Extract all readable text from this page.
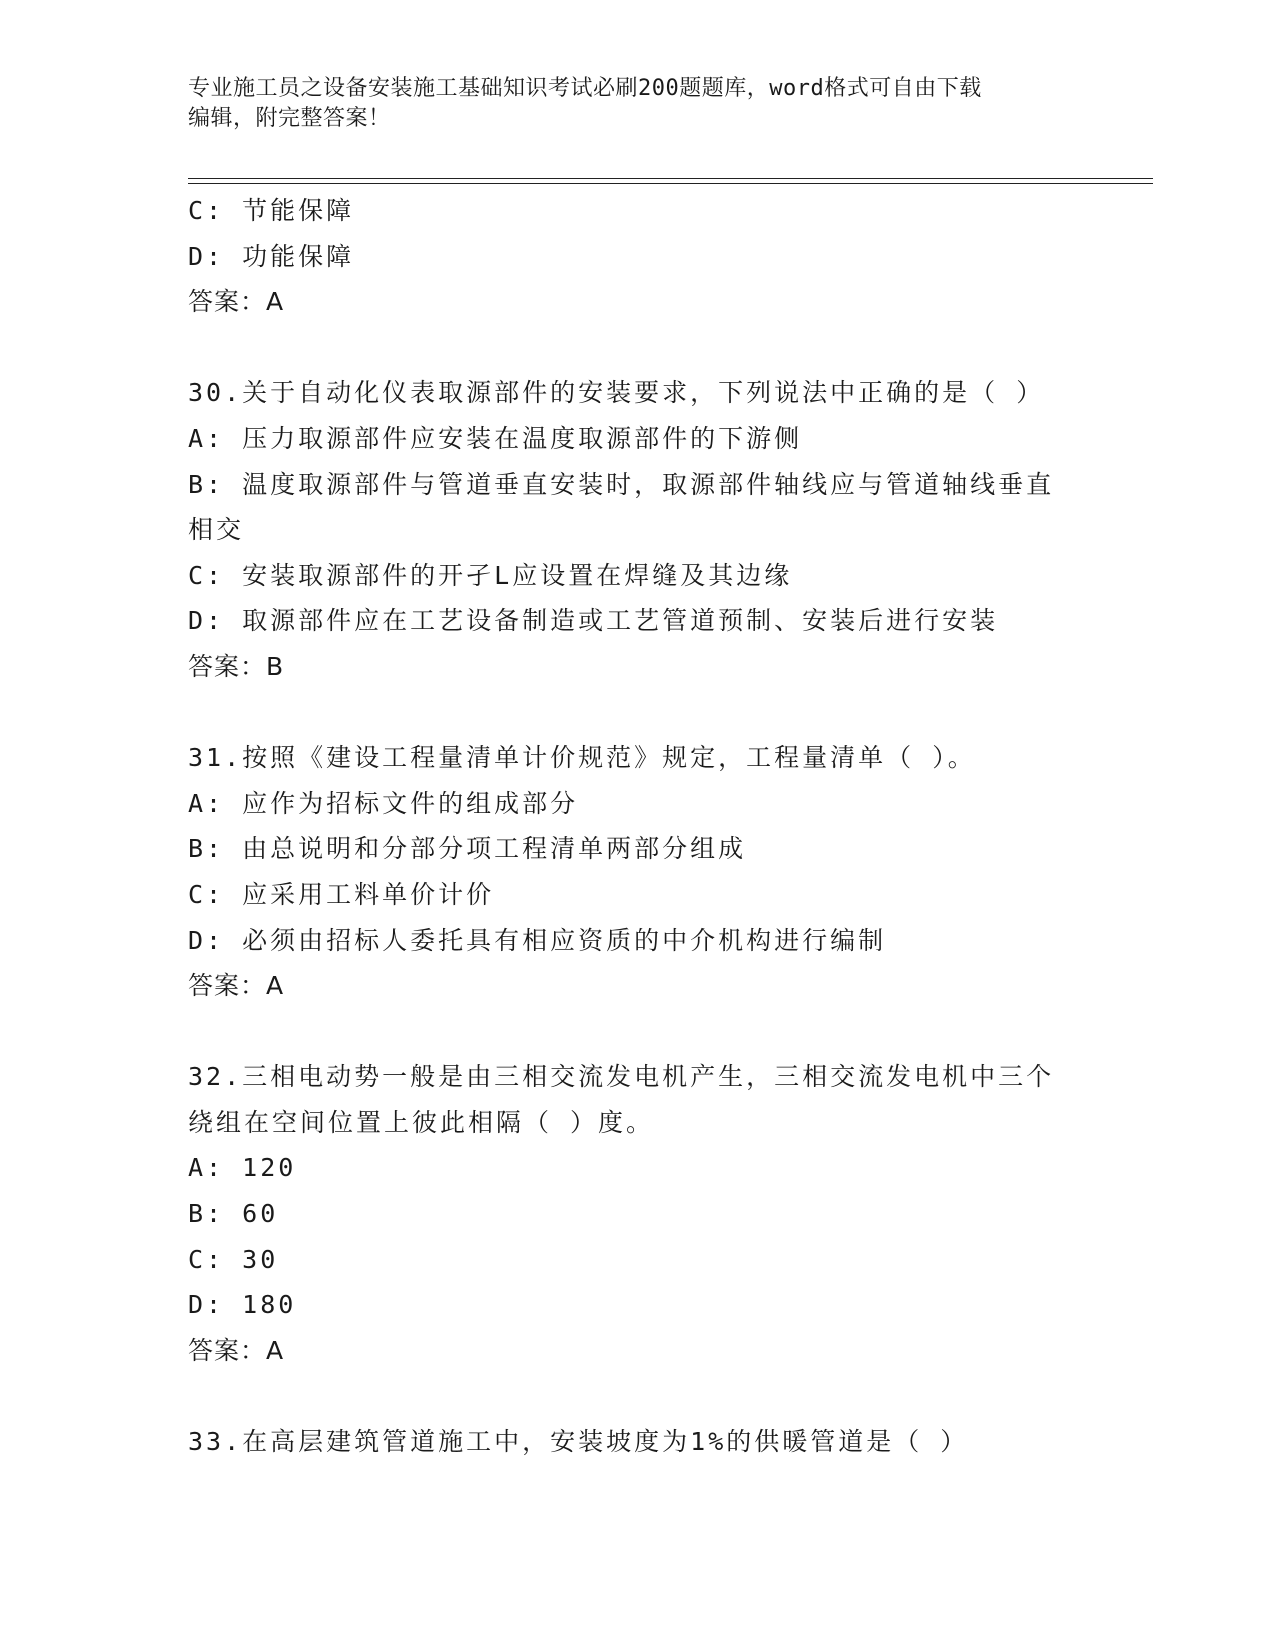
专业施工员之设备安装施工基础知识考试必刷200题题库，word格式可自由下载
编辑，附完整答案！
C: 节能保障
D: 功能保障
答案：A
30.关于自动化仪表取源部件的安装要求，下列说法中正确的是（ ）
A: 压力取源部件应安装在温度取源部件的下游侧
B: 温度取源部件与管道垂直安装时，取源部件轴线应与管道轴线垂直
相交
C: 安装取源部件的开孑L应设置在焊缝及其边缘
D: 取源部件应在工艺设备制造或工艺管道预制、安装后进行安装
答案：B
31.按照《建设工程量清单计价规范》规定，工程量清单（ ）。
A: 应作为招标文件的组成部分
B: 由总说明和分部分项工程清单两部分组成
C: 应采用工料单价计价
D: 必须由招标人委托具有相应资质的中介机构进行编制
答案：A
32.三相电动势一般是由三相交流发电机产生，三相交流发电机中三个
绕组在空间位置上彼此相隔（ ）度。
A: 120
B: 60
C: 30
D: 180
答案：A
33.在高层建筑管道施工中，安装坡度为1%的供暖管道是（ ）
